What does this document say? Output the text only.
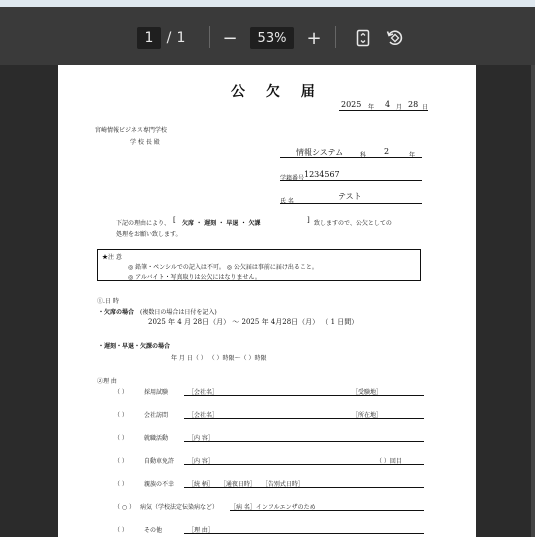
1 / 1 −	53%	+
公 欠 届
2025 年 4 月 28 日
宮崎情報ビジネス専門学校
学 校 長 殿
情報システム	科 2	年
学籍番号 1234567
氏 名
テスト
下記の理由により、 [ 欠席 ・ 遅刻 ・ 早退 ・ 欠課	] 致しますので、公欠としての
処理をお願い致します。
★注 意
◎ 鉛筆・ペンシルでの記入は不可。 ◎ 公欠届は事前に届け出ること。
◎ アルバイト・写真取りは公欠にはなりません。
①.日 時
・欠席の場合 (複数日の場合は日付を記入)
2025 年 4 月 28日（月） 〜 2025 年 4月28日（月） （ 1 日間）
・遅刻・早退・欠課の場合
年 月 日（ ） （ ）時限〜（ ）時限
②理 由
（ ）	採用試験	［会社名］	［受験地］
（ ）	会社訪問	［会社名］	［所在地］
（ ）	就職活動	［内 容］
（ ）	自動車免許 ［内 容］	（ ）回目
（ ）	親族の不幸 ［続 柄］　　［通夜日時］　　［告別式日時］
（ ○ ） 病気（学校法定伝染病など） ［病 名］インフルエンザのため
（ ）	その他	［理 由］
